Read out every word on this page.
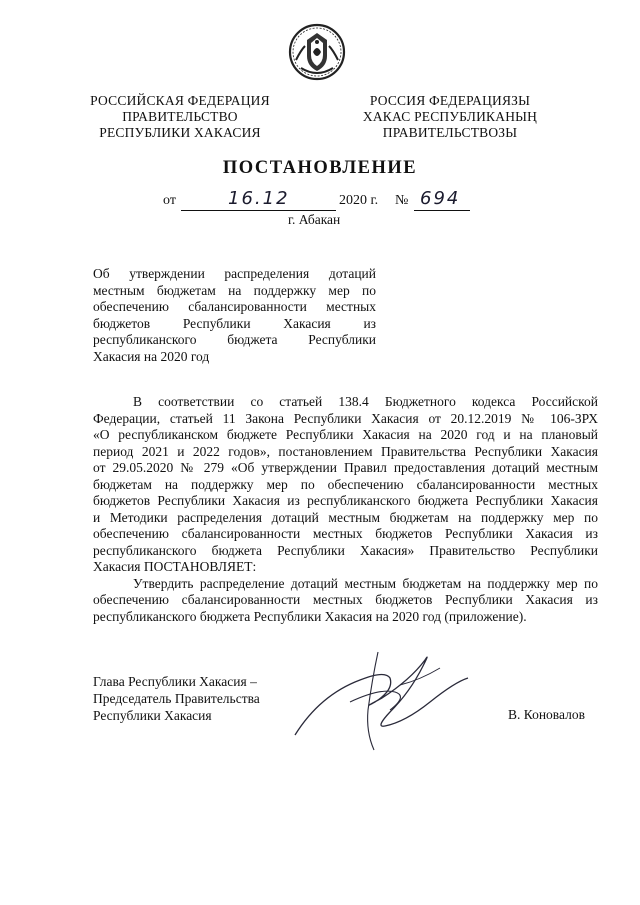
РОССИЙСКАЯ ФЕДЕРАЦИЯ
ПРАВИТЕЛЬСТВО
РЕСПУБЛИКИ ХАКАСИЯ
РОССИЯ ФЕДЕРАЦИЯЗЫ
ХАКАС РЕСПУБЛИКАНЫҢ
ПРАВИТЕЛЬСТВОЗЫ
ПОСТАНОВЛЕНИЕ
от	16.12	2020 г. № 694
г. Абакан
Об утверждении распределения дотаций
местным бюджетам на поддержку мер по
обеспечению сбалансированности местных
бюджетов Республики Хакасия из
республиканского бюджета Республики
Хакасия на 2020 год
В соответствии со статьей 138.4 Бюджетного кодекса Российской
Федерации, статьей 11 Закона Республики Хакасия от 20.12.2019 № 106-ЗРХ
«О республиканском бюджете Республики Хакасия на 2020 год и на плановый
период 2021 и 2022 годов», постановлением Правительства Республики Хакасия
от 29.05.2020 № 279 «Об утверждении Правил предоставления дотаций местным
бюджетам на поддержку мер по обеспечению сбалансированности местных
бюджетов Республики Хакасия из республиканского бюджета Республики Хакасия
и Методики распределения дотаций местным бюджетам на поддержку мер по
обеспечению сбалансированности местных бюджетов Республики Хакасия из
республиканского бюджета Республики Хакасия» Правительство Республики
Хакасия ПОСТАНОВЛЯЕТ:
Утвердить распределение дотаций местным бюджетам на поддержку мер по
обеспечению сбалансированности местных бюджетов Республики Хакасия из
республиканского бюджета Республики Хакасия на 2020 год (приложение).
Глава Республики Хакасия –
Председатель Правительства
Республики Хакасия	В. Коновалов
